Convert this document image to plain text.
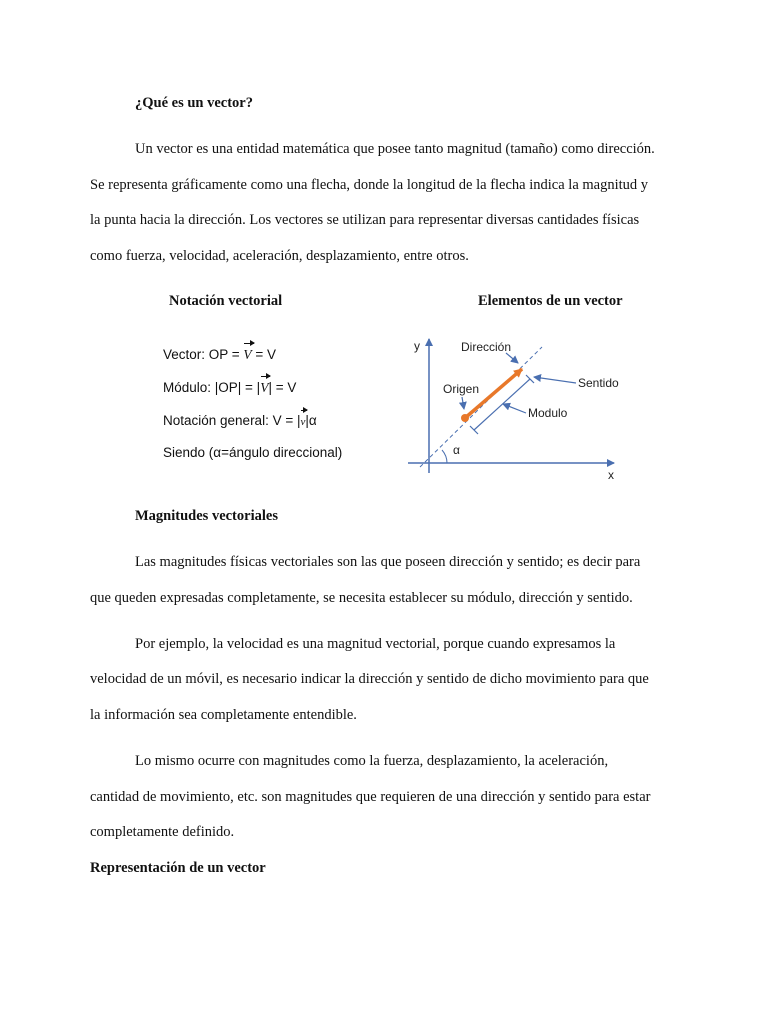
¿Qué es un vector?

Un vector es una entidad matemática que posee tanto magnitud (tamaño) como dirección.

Se representa gráficamente como una flecha, donde la longitud de la flecha indica la magnitud y

la punta hacia la dirección. Los vectores se utilizan para representar diversas cantidades físicas

como fuerza, velocidad, aceleración, desplazamiento, entre otros.

Notación vectorial	Elementos de un vector

Vector: OP = V = V

Módulo: |OP| = |V| = V

Notación general: V = |v|α

Siendo (α=ángulo direccional)

y
x
Dirección
Origen	Sentido
Modulo
α

Magnitudes vectoriales

Las magnitudes físicas vectoriales son las que poseen dirección y sentido; es decir para

que queden expresadas completamente, se necesita establecer su módulo, dirección y sentido.

Por ejemplo, la velocidad es una magnitud vectorial, porque cuando expresamos la

velocidad de un móvil, es necesario indicar la dirección y sentido de dicho movimiento para que

la información sea completamente entendible.

Lo mismo ocurre con magnitudes como la fuerza, desplazamiento, la aceleración,

cantidad de movimiento, etc. son magnitudes que requieren de una dirección y sentido para estar

completamente definido.

Representación de un vector
